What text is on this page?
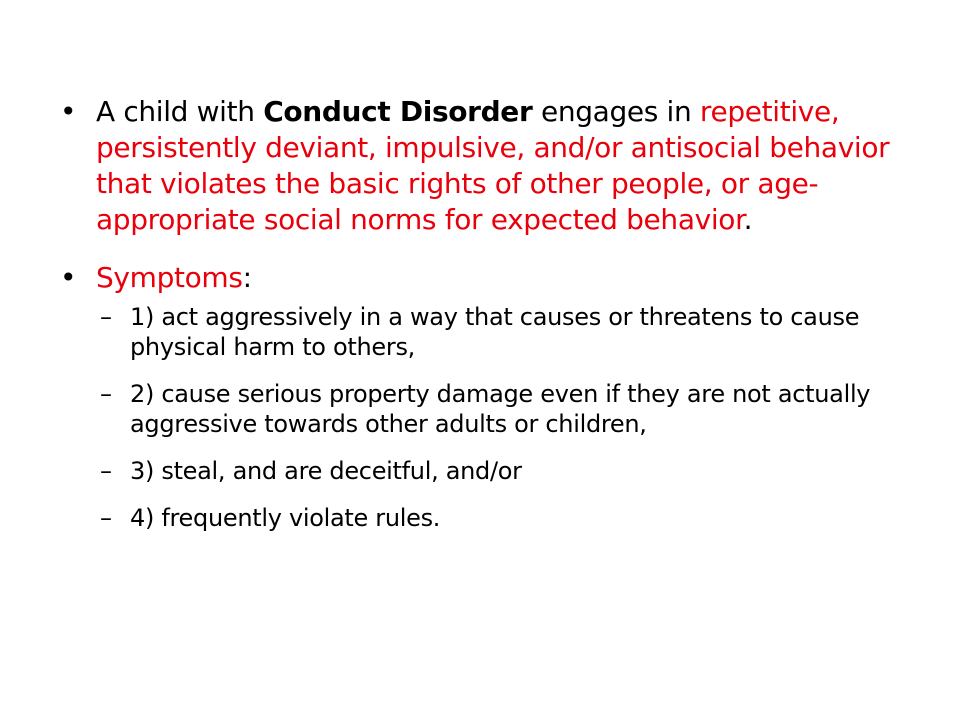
• A child with Conduct Disorder engages in repetitive, persistently deviant, impulsive, and/or antisocial behavior that violates the basic rights of other people, or age-appropriate social norms for expected behavior.
• Symptoms:
– 1) act aggressively in a way that causes or threatens to cause physical harm to others,
– 2) cause serious property damage even if they are not actually aggressive towards other adults or children,
– 3) steal, and are deceitful, and/or
– 4) frequently violate rules.
